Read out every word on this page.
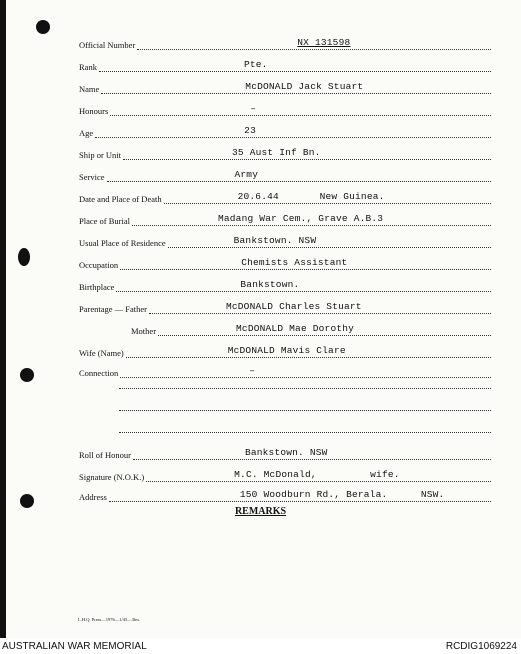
Official Number	NX 131598
Rank	Pte.
Name	McDONALD Jack Stuart
Honours	–
Age	23
Ship or Unit	35 Aust Inf Bn.
Service	Army
Date and Place of Death	20.6.44	New Guinea.
Place of Burial	Madang War Cem., Grave A.B.3
Usual Place of Residence	Bankstown. NSW
Occupation	Chemists Assistant
Birthplace	Bankstown.
Parentage — Father	McDONALD Charles Stuart
Mother	McDONALD Mae Dorothy
Wife (Name)	McDONALD Mavis Clare
Connection	–
Roll of Honour	Bankstown. NSW
Signature (N.O.K.)	M.C. McDonald,	wife.
Address	150 Woodburn Rd., Berala.	NSW.
REMARKS
L.H.Q. Press—1976—1/45—3lm.
AUSTRALIAN WAR MEMORIAL	RCDIG1069224
